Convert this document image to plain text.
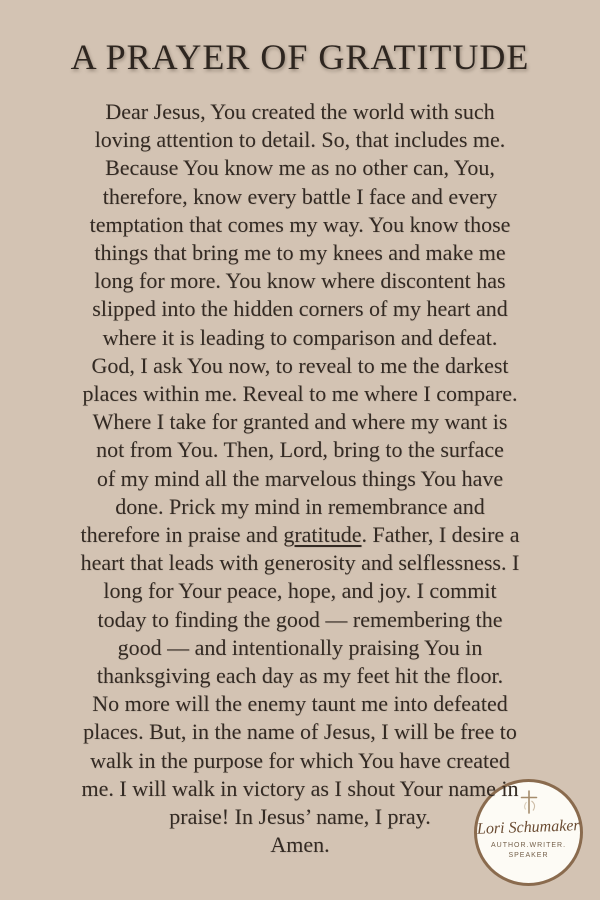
A PRAYER OF GRATITUDE
Dear Jesus, You created the world with such
loving attention to detail. So, that includes me.
Because You know me as no other can, You,
therefore, know every battle I face and every
temptation that comes my way. You know those
things that bring me to my knees and make me
long for more. You know where discontent has
slipped into the hidden corners of my heart and
where it is leading to comparison and defeat.
God, I ask You now, to reveal to me the darkest
places within me. Reveal to me where I compare.
Where I take for granted and where my want is
not from You. Then, Lord, bring to the surface
of my mind all the marvelous things You have
done. Prick my mind in remembrance and
therefore in praise and gratitude. Father, I desire a
heart that leads with generosity and selflessness. I
long for Your peace, hope, and joy. I commit
today to finding the good — remembering the
good — and intentionally praising You in
thanksgiving each day as my feet hit the floor.
No more will the enemy taunt me into defeated
places. But, in the name of Jesus, I will be free to
walk in the purpose for which You have created
me. I will walk in victory as I shout Your name in
praise! In Jesus’ name, I pray.
Amen.
Lori Schumaker
AUTHOR.WRITER.
SPEAKER
